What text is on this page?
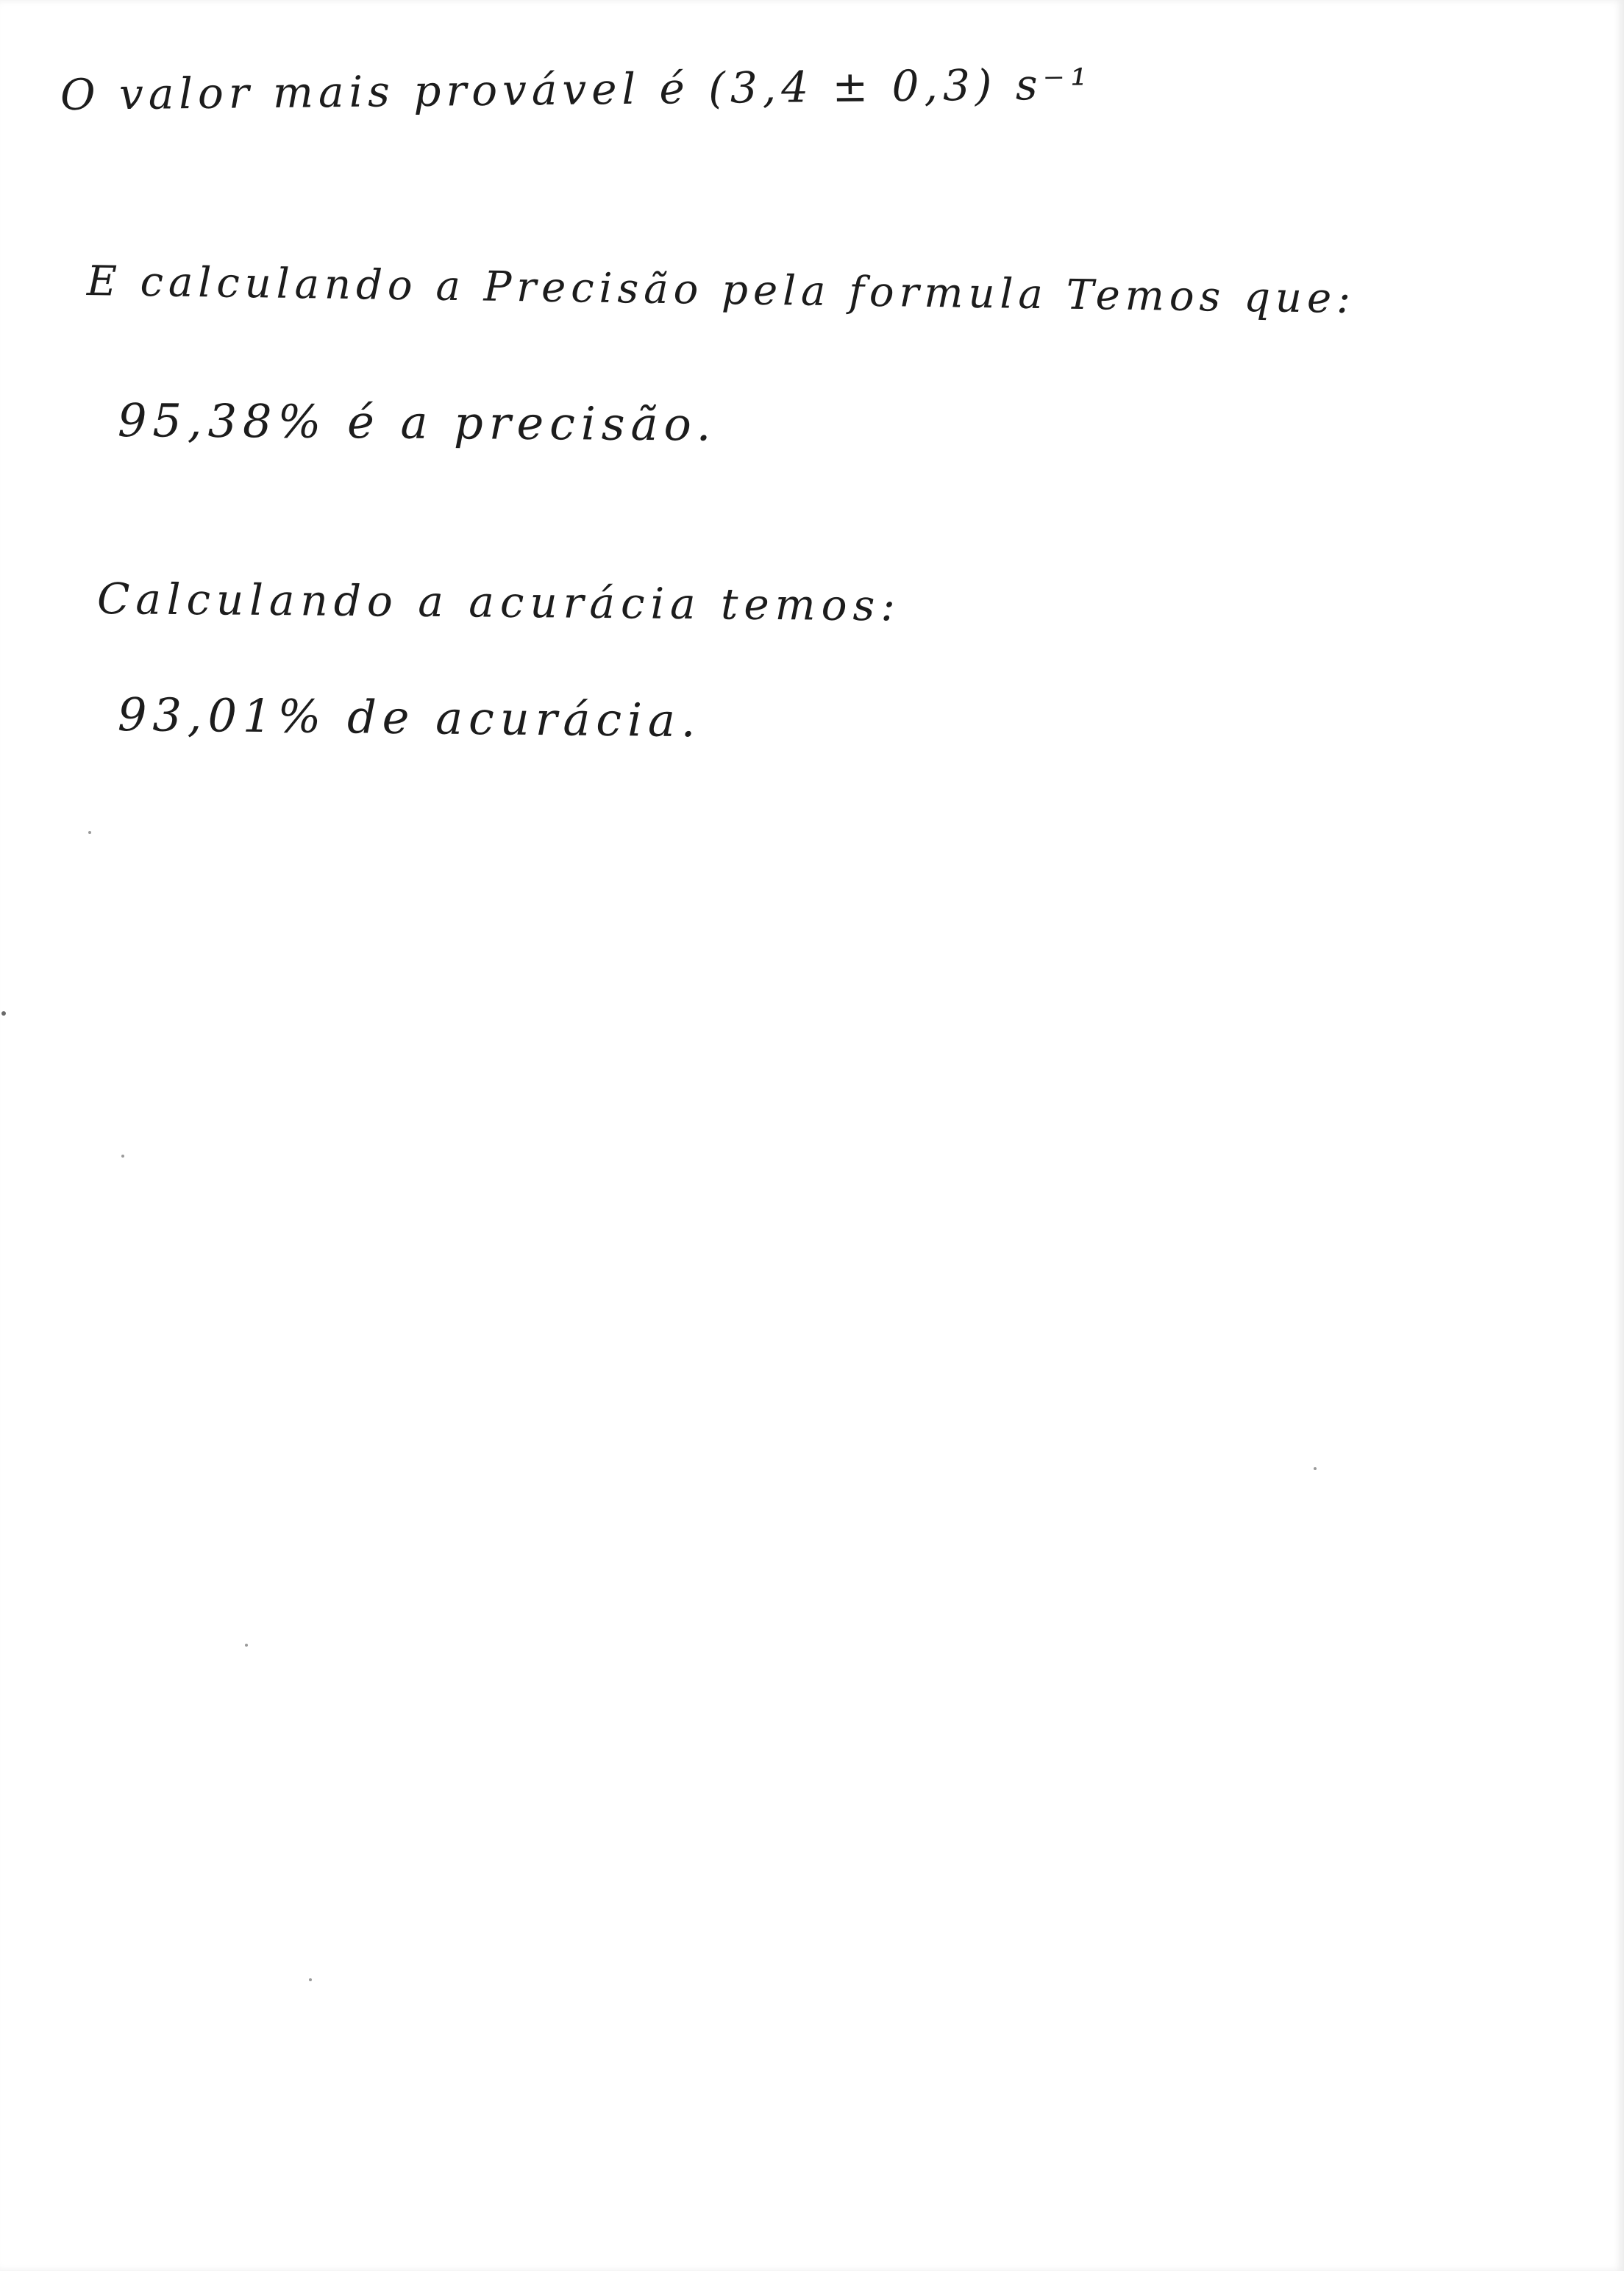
O valor mais provável é (3,4 ± 0,3) s⁻¹

E calculando a Precisão pela formula Temos que:

95,38% é a precisão.

Calculando a acurácia temos:

93,01% de acurácia.
